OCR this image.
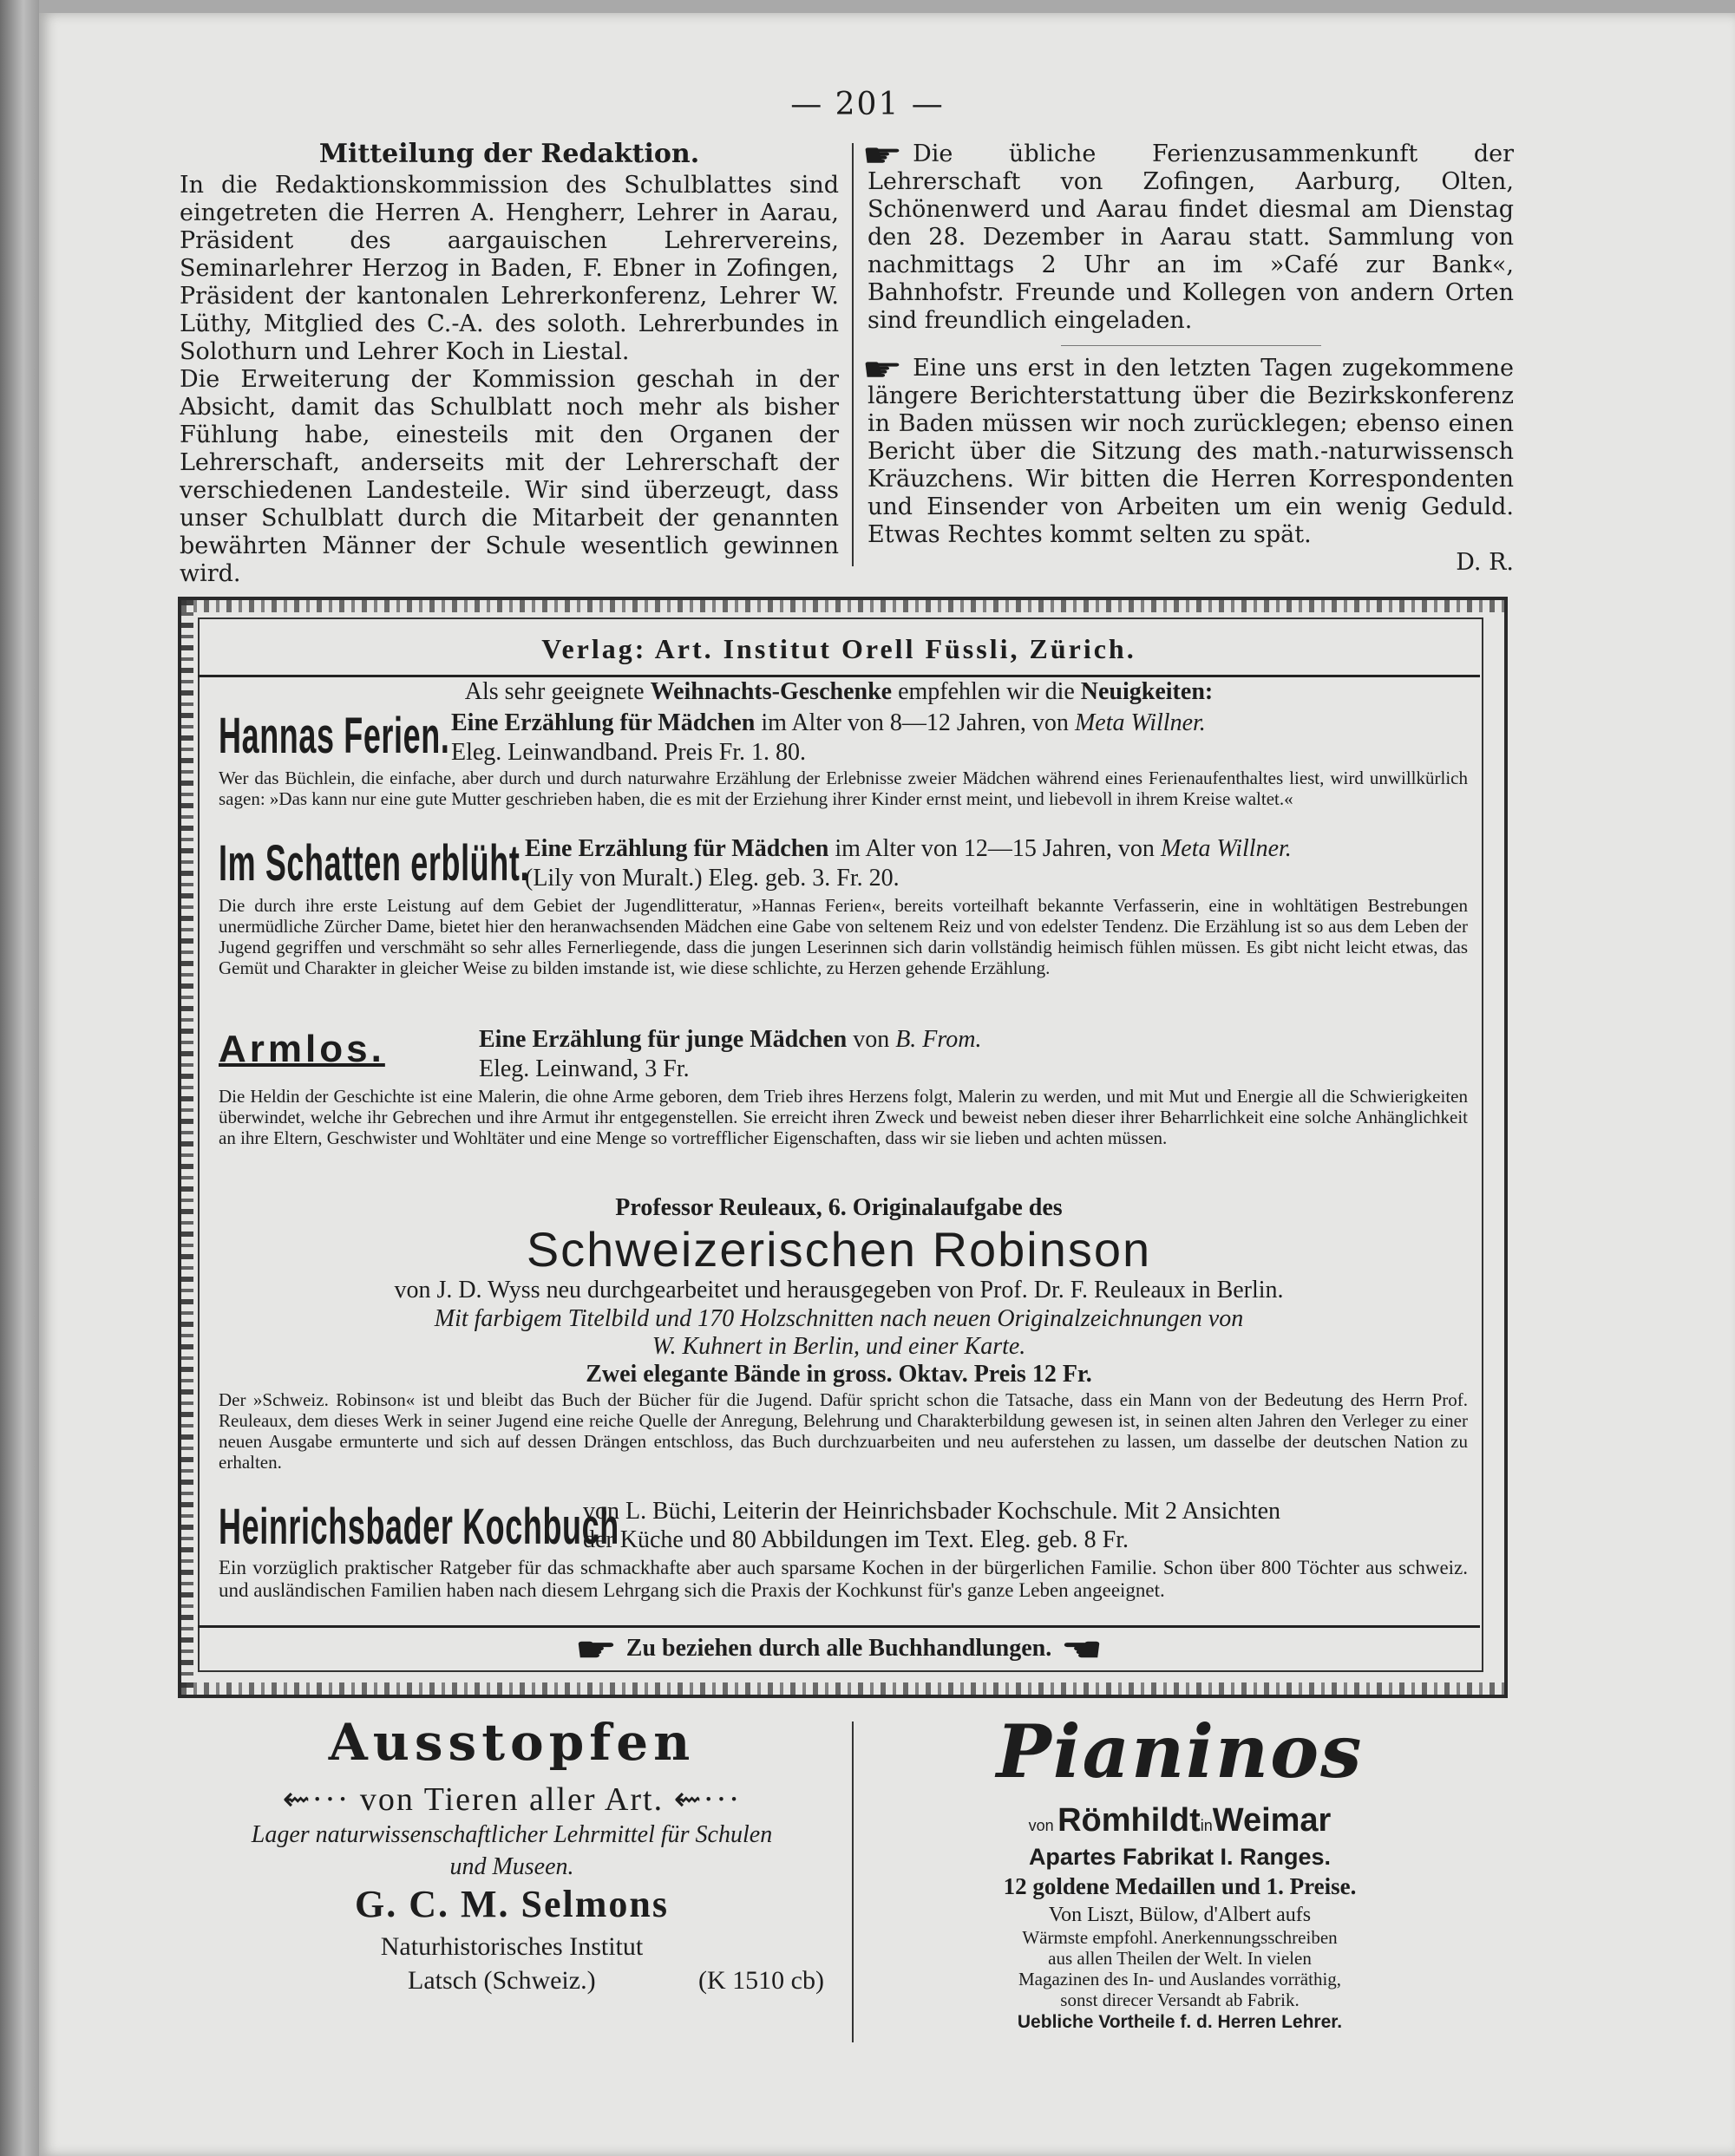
— 201 —

Mitteilung der Redaktion.

In die Redaktionskommission des Schulblattes sind eingetreten die Herren A. Hengherr, Lehrer in Aarau, Präsident des aargauischen Lehrervereins, Seminarlehrer Herzog in Baden, F. Ebner in Zofingen, Präsident der kantonalen Lehrerkonferenz, Lehrer W. Lüthy, Mitglied des C.-A. des soloth. Lehrerbundes in Solothurn und Lehrer Koch in Liestal.

Die Erweiterung der Kommission geschah in der Absicht, damit das Schulblatt noch mehr als bisher Fühlung habe, einesteils mit den Organen der Lehrerschaft, anderseits mit der Lehrerschaft der verschiedenen Landesteile. Wir sind überzeugt, dass unser Schulblatt durch die Mitarbeit der genannten bewährten Männer der Schule wesentlich gewinnen wird.

☛ Die übliche Ferienzusammenkunft der Lehrerschaft von Zofingen, Aarburg, Olten, Schönenwerd und Aarau findet diesmal am Dienstag den 28. Dezember in Aarau statt. Sammlung von nachmittags 2 Uhr an im »Café zur Bank«, Bahnhofstr. Freunde und Kollegen von andern Orten sind freundlich eingeladen.

☛ Eine uns erst in den letzten Tagen zugekommene längere Berichterstattung über die Bezirkskonferenz in Baden müssen wir noch zurücklegen; ebenso einen Bericht über die Sitzung des math.-naturwissensch Kräuzchens. Wir bitten die Herren Korrespondenten und Einsender von Arbeiten um ein wenig Geduld. Etwas Rechtes kommt selten zu spät.

D. R.

Verlag: Art. Institut Orell Füssli, Zürich.
Als sehr geeignete Weihnachts-Geschenke empfehlen wir die Neuigkeiten:
Hannas Ferien. Eine Erzählung für Mädchen im Alter von 8—12 Jahren, von Meta Willner.
Eleg. Leinwandband. Preis Fr. 1. 80.
Wer das Büchlein, die einfache, aber durch und durch naturwahre Erzählung der Erlebnisse zweier Mädchen während eines Ferienaufenthaltes liest, wird unwillkürlich sagen: »Das kann nur eine gute Mutter geschrieben haben, die es mit der Erziehung ihrer Kinder ernst meint, und liebevoll in ihrem Kreise waltet.«
Im Schatten erblüht.
Eine Erzählung für Mädchen im Alter von 12—15 Jahren, von Meta Willner.
(Lily von Muralt.) Eleg. geb. 3. Fr. 20.
Die durch ihre erste Leistung auf dem Gebiet der Jugendlitteratur, »Hannas Ferien«, bereits vorteilhaft bekannte Verfasserin, eine in wohltätigen Bestrebungen unermüdliche Zürcher Dame, bietet hier den heranwachsenden Mädchen eine Gabe von seltenem Reiz und von edelster Tendenz. Die Erzählung ist so aus dem Leben der Jugend gegriffen und verschmäht so sehr alles Fernerliegende, dass die jungen Leserinnen sich darin vollständig heimisch fühlen müssen. Es gibt nicht leicht etwas, das Gemüt und Charakter in gleicher Weise zu bilden imstande ist, wie diese schlichte, zu Herzen gehende Erzählung.
Armlos.	Eine Erzählung für junge Mädchen von B. From.
Eleg. Leinwand, 3 Fr.
Die Heldin der Geschichte ist eine Malerin, die ohne Arme geboren, dem Trieb ihres Herzens folgt, Malerin zu werden, und mit Mut und Energie all die Schwierigkeiten überwindet, welche ihr Gebrechen und ihre Armut ihr entgegenstellen. Sie erreicht ihren Zweck und beweist neben dieser ihrer Beharrlichkeit eine solche Anhänglichkeit an ihre Eltern, Geschwister und Wohltäter und eine Menge so vortrefflicher Eigenschaften, dass wir sie lieben und achten müssen.
Professor Reuleaux, 6. Originalaufgabe des
Schweizerischen Robinson
von J. D. Wyss neu durchgearbeitet und herausgegeben von Prof. Dr. F. Reuleaux in Berlin.
Mit farbigem Titelbild und 170 Holzschnitten nach neuen Originalzeichnungen von
W. Kuhnert in Berlin, und einer Karte.
Zwei elegante Bände in gross. Oktav. Preis 12 Fr.
Der »Schweiz. Robinson« ist und bleibt das Buch der Bücher für die Jugend. Dafür spricht schon die Tatsache, dass ein Mann von der Bedeutung des Herrn Prof. Reuleaux, dem dieses Werk in seiner Jugend eine reiche Quelle der Anregung, Belehrung und Charakterbildung gewesen ist, in seinen alten Jahren den Verleger zu einer neuen Ausgabe ermunterte und sich auf dessen Drängen entschloss, das Buch durchzuarbeiten und neu auferstehen zu lassen, um dasselbe der deutschen Nation zu erhalten.
Heinrichsbader Kochbuch
von L. Büchi, Leiterin der Heinrichsbader Kochschule. Mit 2 Ansichten
der Küche und 80 Abbildungen im Text. Eleg. geb. 8 Fr.
Ein vorzüglich praktischer Ratgeber für das schmackhafte aber auch sparsame Kochen in der bürgerlichen Familie. Schon über 800 Töchter aus schweiz. und ausländischen Familien haben nach diesem Lehrgang sich die Praxis der Kochkunst für's ganze Leben angeeignet.
☛ Zu beziehen durch alle Buchhandlungen. ☛
Ausstopfen
⇜··· von Tieren aller Art. ⇜···
Lager naturwissenschaftlicher Lehrmittel für Schulen
und Museen.
G. C. M. Selmons
Naturhistorisches Institut
Latsch (Schweiz.)	(K 1510 cb)
Pianinos
von RömhildtinWeimar
Apartes Fabrikat I. Ranges.
12 goldene Medaillen und 1. Preise.
Von Liszt, Bülow, d'Albert aufs
Wärmste empfohl. Anerkennungsschreiben
aus allen Theilen der Welt. In vielen
Magazinen des In- und Auslandes vorräthig,
sonst direcer Versandt ab Fabrik.
Uebliche Vortheile f. d. Herren Lehrer.
